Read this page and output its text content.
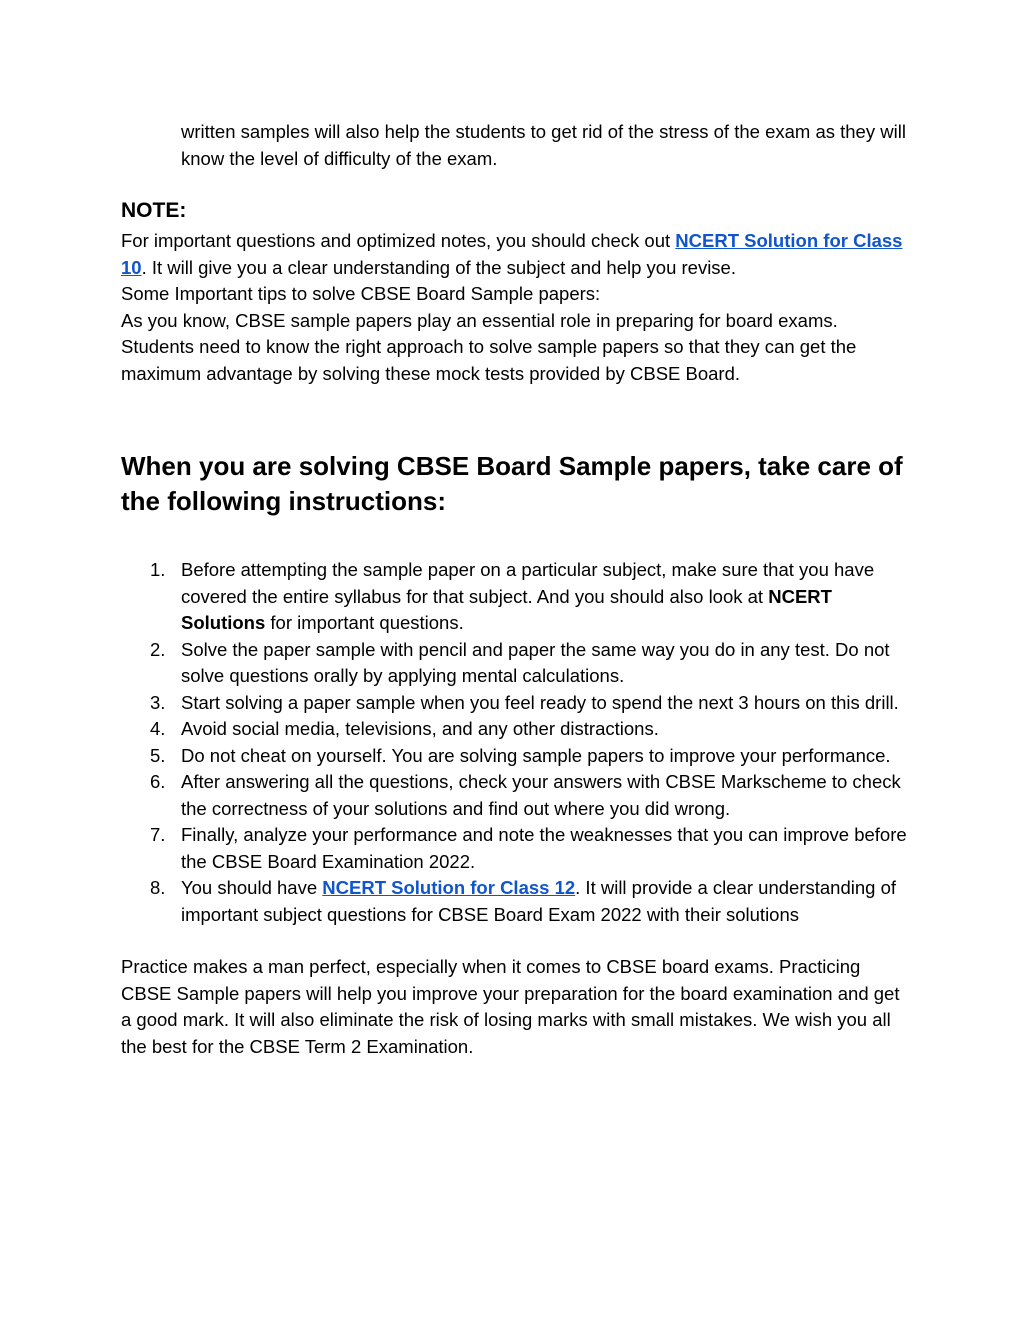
written samples will also help the students to get rid of the stress of the exam as they will know the level of difficulty of the exam.

NOTE:

For important questions and optimized notes, you should check out NCERT Solution for Class 10. It will give you a clear understanding of the subject and help you revise.

Some Important tips to solve CBSE Board Sample papers:

As you know, CBSE sample papers play an essential role in preparing for board exams. Students need to know the right approach to solve sample papers so that they can get the maximum advantage by solving these mock tests provided by CBSE Board.

When you are solving CBSE Board Sample papers, take care of the following instructions:
1. Before attempting the sample paper on a particular subject, make sure that you have covered the entire syllabus for that subject. And you should also look at NCERT Solutions for important questions.
2. Solve the paper sample with pencil and paper the same way you do in any test. Do not solve questions orally by applying mental calculations.
3. Start solving a paper sample when you feel ready to spend the next 3 hours on this drill.
4. Avoid social media, televisions, and any other distractions.
5. Do not cheat on yourself. You are solving sample papers to improve your performance.
6. After answering all the questions, check your answers with CBSE Markscheme to check the correctness of your solutions and find out where you did wrong.
7. Finally, analyze your performance and note the weaknesses that you can improve before the CBSE Board Examination 2022.
8. You should have NCERT Solution for Class 12. It will provide a clear understanding of important subject questions for CBSE Board Exam 2022 with their solutions

Practice makes a man perfect, especially when it comes to CBSE board exams. Practicing CBSE Sample papers will help you improve your preparation for the board examination and get a good mark. It will also eliminate the risk of losing marks with small mistakes. We wish you all the best for the CBSE Term 2 Examination.
